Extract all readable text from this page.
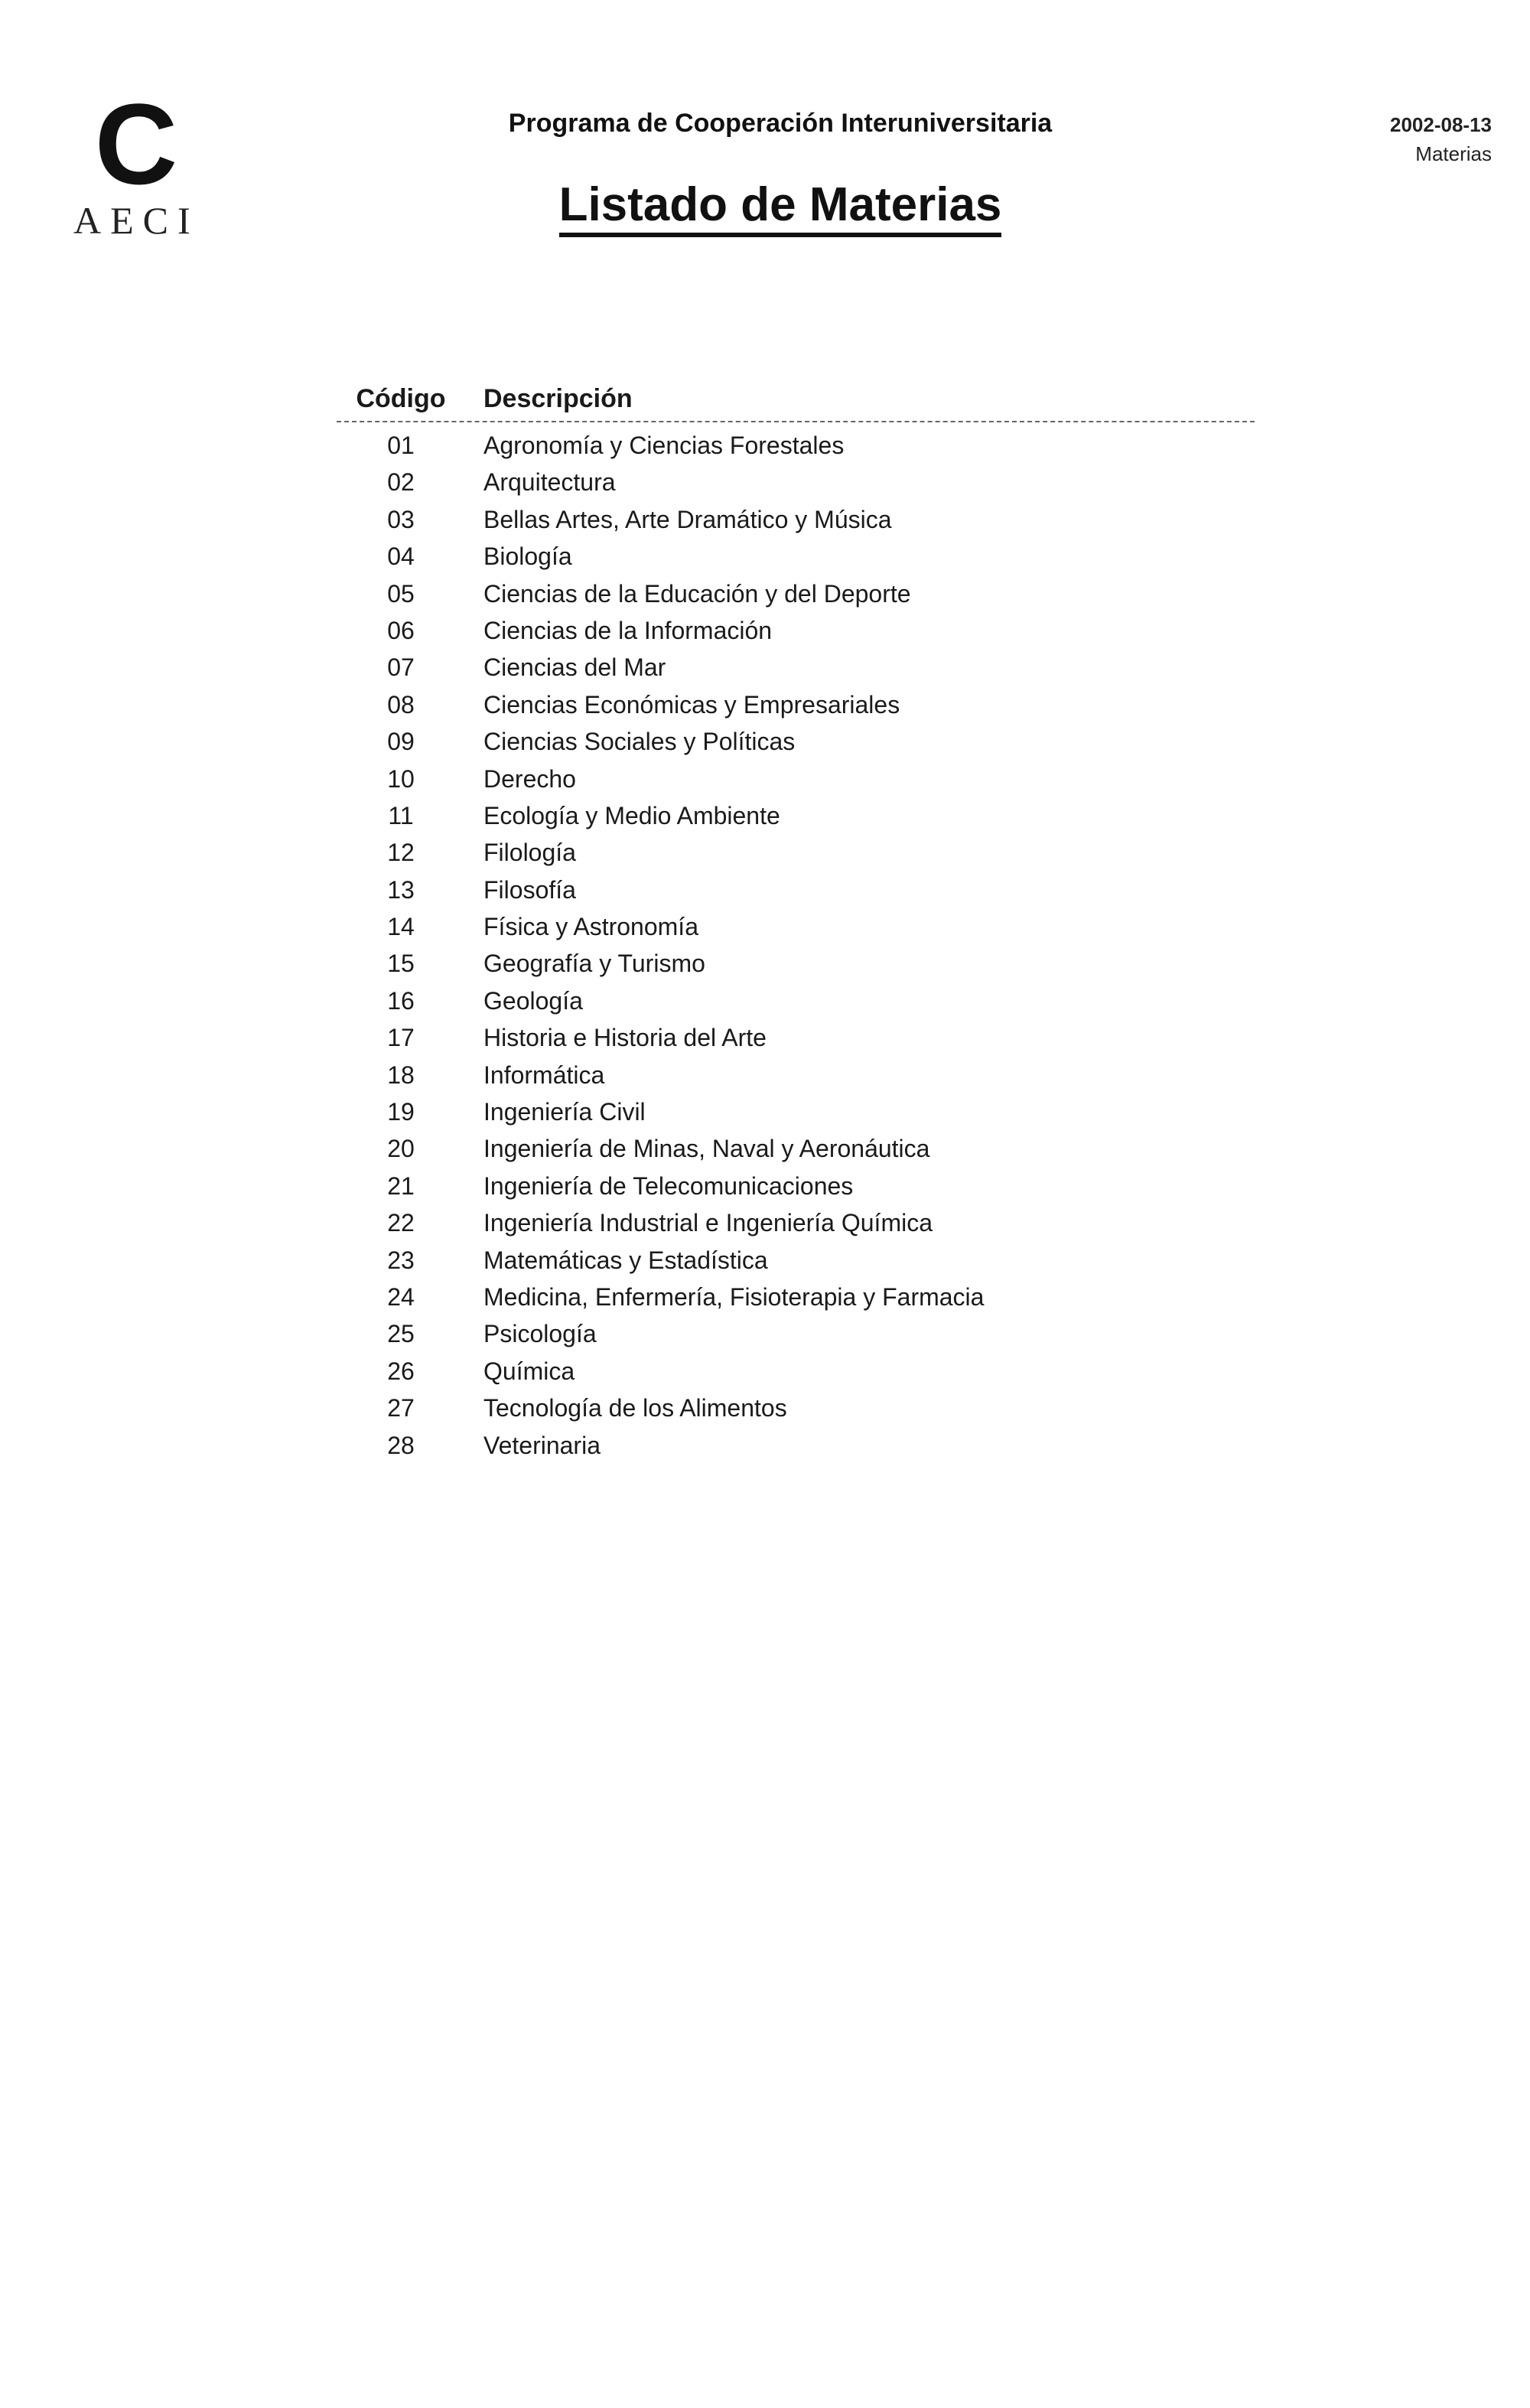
C
AECI
Programa de Cooperación Interuniversitaria
Listado de Materias
2002-08-13
Materias
Código	Descripción
01	Agronomía y Ciencias Forestales
02	Arquitectura
03	Bellas Artes, Arte Dramático y Música
04	Biología
05	Ciencias de la Educación y del Deporte
06	Ciencias de la Información
07	Ciencias del Mar
08	Ciencias Económicas y Empresariales
09	Ciencias Sociales y Políticas
10	Derecho
11	Ecología y Medio Ambiente
12	Filología
13	Filosofía
14	Física y Astronomía
15	Geografía y Turismo
16	Geología
17	Historia e Historia del Arte
18	Informática
19	Ingeniería Civil
20	Ingeniería de Minas, Naval y Aeronáutica
21	Ingeniería de Telecomunicaciones
22	Ingeniería Industrial e Ingeniería Química
23	Matemáticas y Estadística
24	Medicina, Enfermería, Fisioterapia y Farmacia
25	Psicología
26	Química
27	Tecnología de los Alimentos
28	Veterinaria
